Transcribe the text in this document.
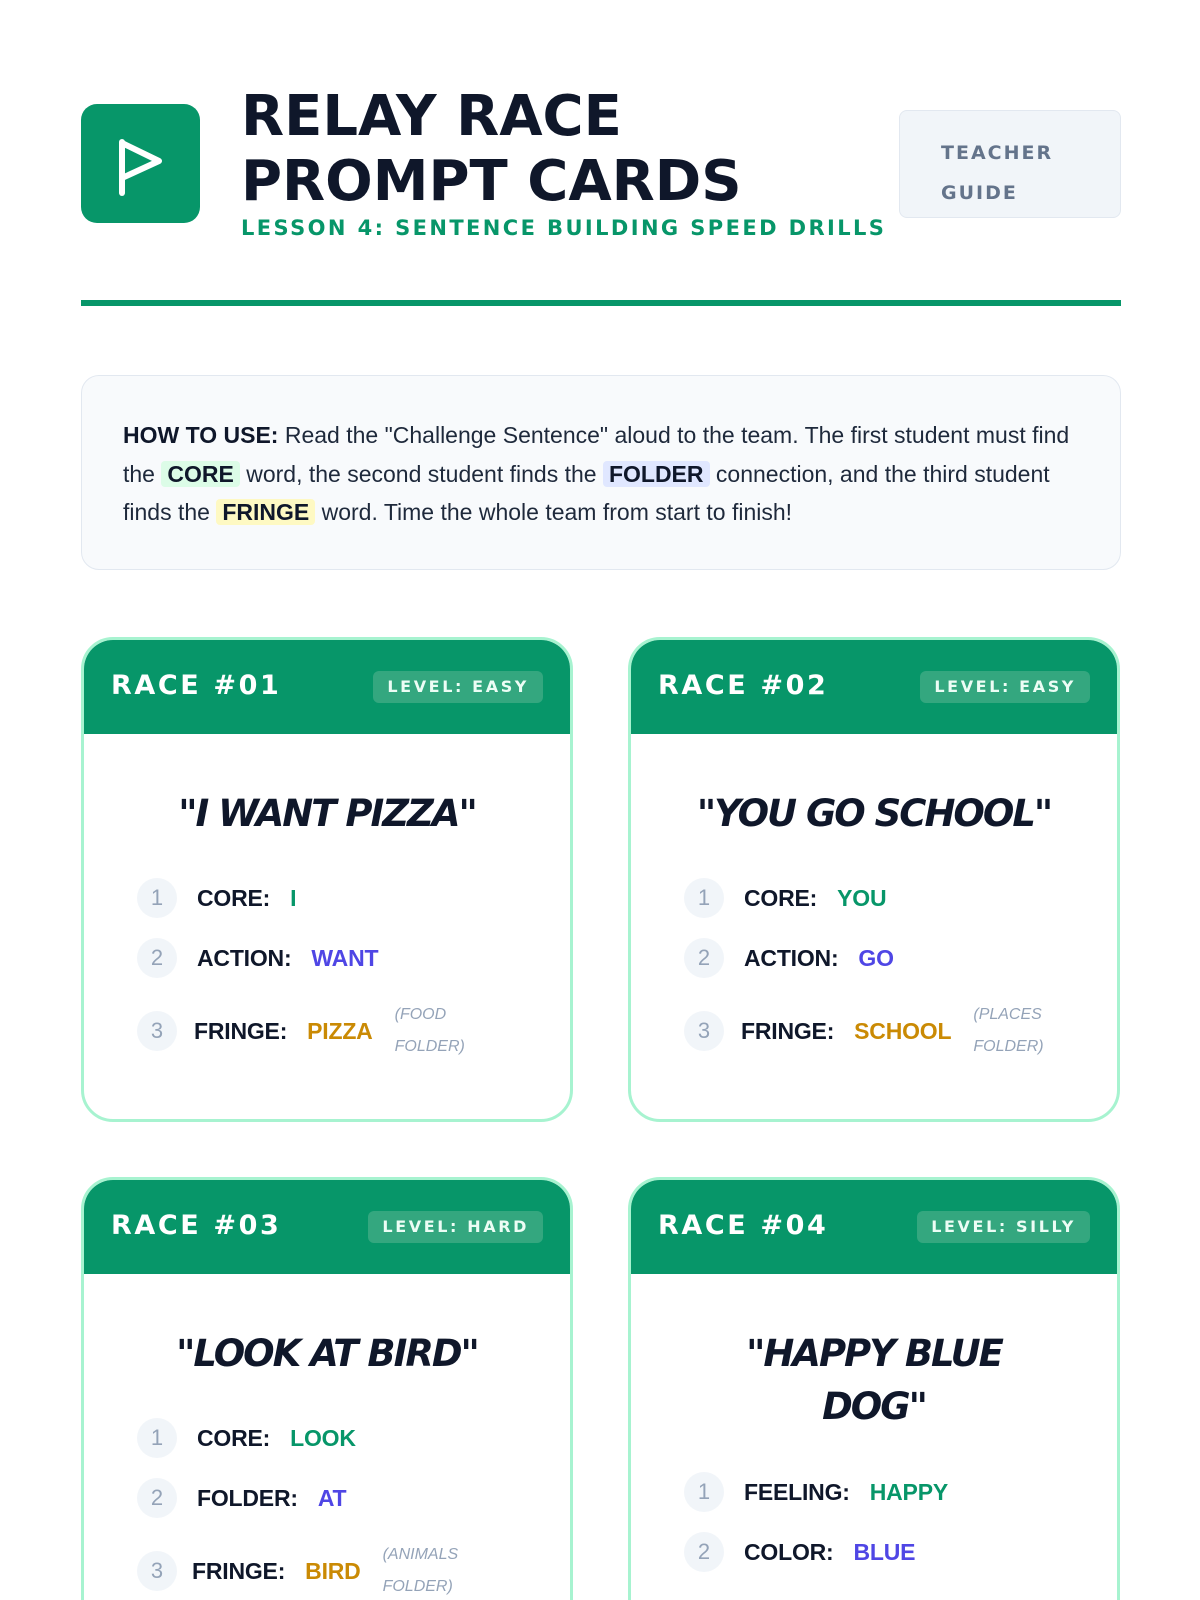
RELAY RACE PROMPT CARDS
LESSON 4: SENTENCE BUILDING SPEED DRILLS
TEACHER GUIDE

HOW TO USE: Read the "Challenge Sentence" aloud to the team. The first student must find the CORE word, the second student finds the FOLDER connection, and the third student finds the FRINGE word. Time the whole team from start to finish!

RACE #01	LEVEL: EASY
"I WANT PIZZA"
1	CORE: I
2	ACTION: WANT
3	FRINGE: PIZZA
(FOOD FOLDER)
RACE #02	LEVEL: EASY
"YOU GO SCHOOL"
1	CORE: YOU
2	ACTION: GO
3	FRINGE: SCHOOL
(PLACES FOLDER)
RACE #03	LEVEL: HARD
"LOOK AT BIRD"
1	CORE: LOOK
2	FOLDER: AT
3	FRINGE: BIRD
(ANIMALS FOLDER)
RACE #04	LEVEL: SILLY
"HAPPY BLUE DOG"
1	FEELING: HAPPY
2	COLOR: BLUE
